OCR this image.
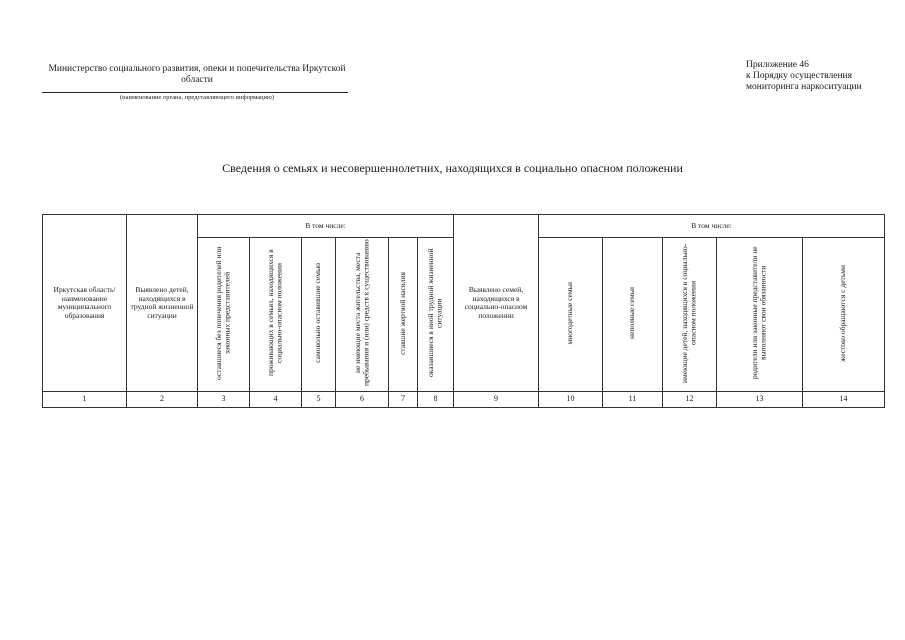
Министерство социального развития, опеки и попечительства Иркутской области
(наименование органа, представляющего информацию)
Приложение 46
к Порядку осуществления
мониторинга наркоситуации
Сведения о семьях и несовершеннолетних, находящихся в социально опасном положении
Иркутская область/ наименование муниципального образования	Выявлено детей, находящихся в трудной жизненной ситуации	В том числе:						Выявлено семей, находящихся в социально-опасном положении	В том числе:				
		оставшиеся без попечения родителей или законных представителей	проживающих в семьях, находящихся в социально-опасном положении	самовольно оставившие семью	не имеющие места жительства, места пребывания и (или) средств к существованию	ставшие жертвой насилия	оказавшиеся в иной трудной жизненной ситуации		многодетные семьи	неполные семьи	имеющие детей, находящихся в социально-опасном положении	родители или законные представители не выполняют свои обязанности	жестоко обращаются с детьми
1	2	3	4	5	6	7	8	9	10	11	12	13	14
